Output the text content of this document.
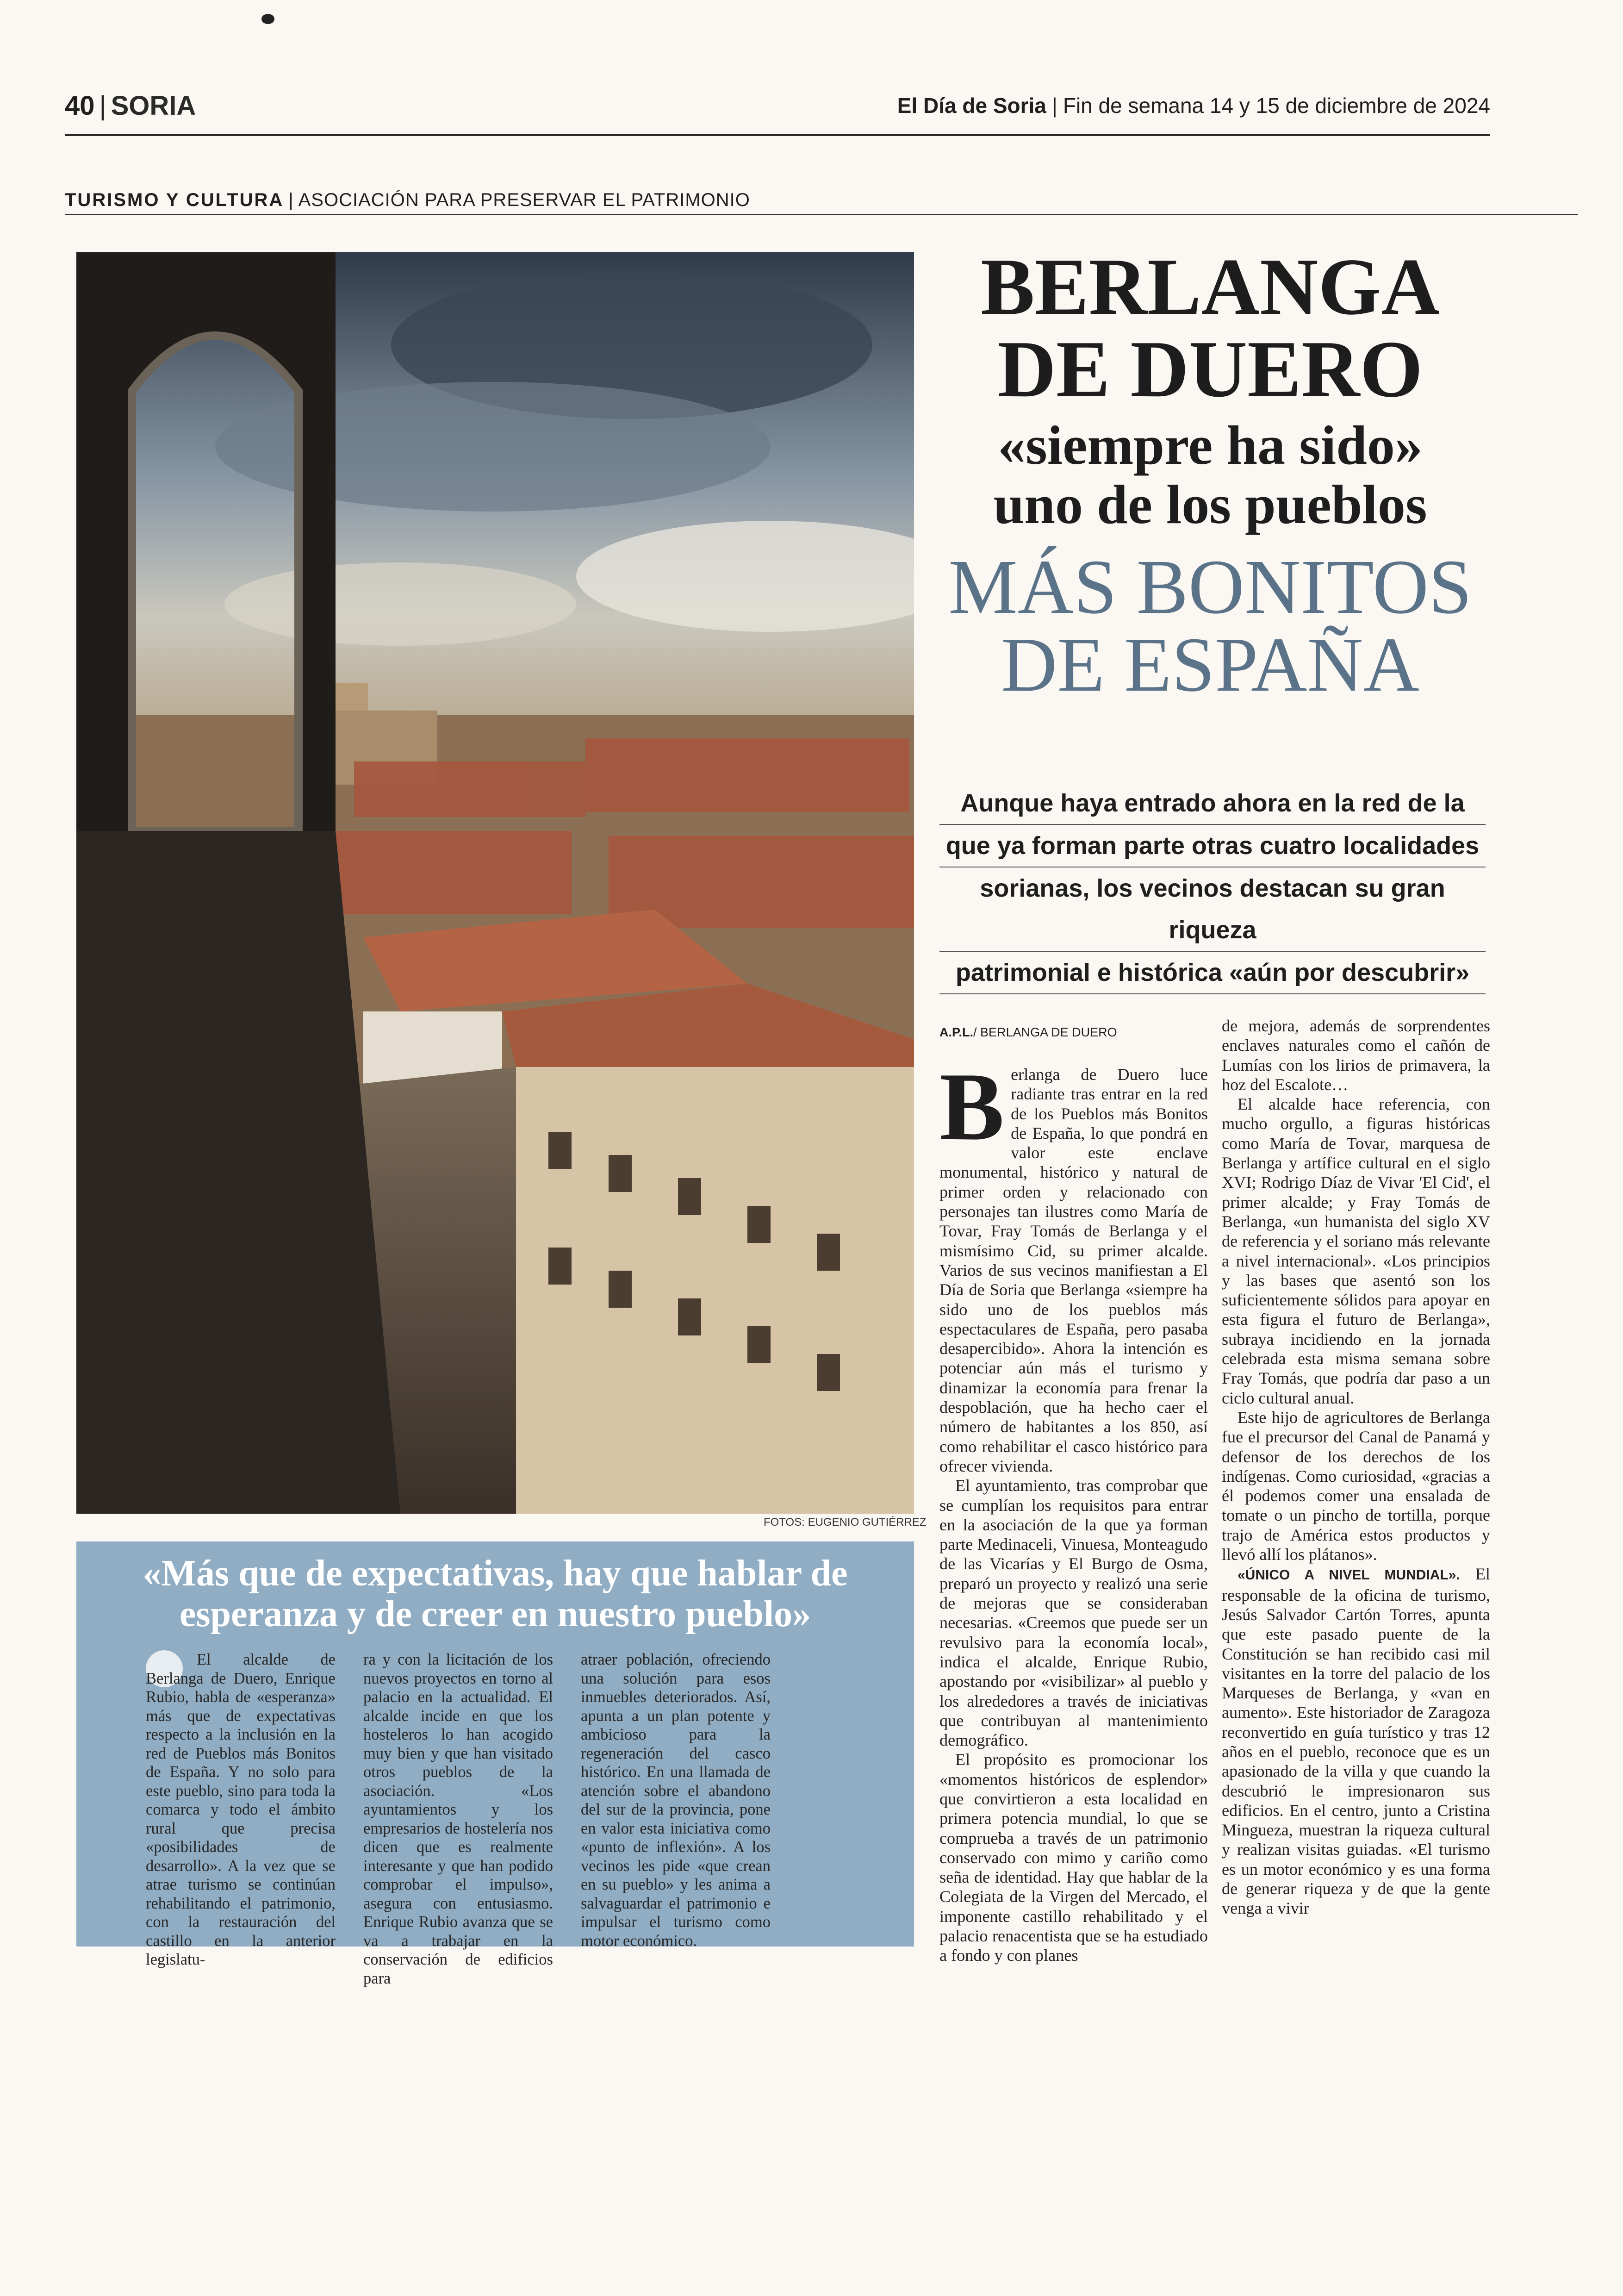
40 | SORIA	El Día de Soria | Fin de semana 14 y 15 de diciembre de 2024
TURISMO Y CULTURA | ASOCIACIÓN PARA PRESERVAR EL PATRIMONIO
FOTOS: EUGENIO GUTIÉRREZ
BERLANGA
DE DUERO
«siempre ha sido»
uno de los pueblos
MÁS BONITOS
DE ESPAÑA
Aunque haya entrado ahora en la red de la
que ya forman parte otras cuatro localidades
sorianas, los vecinos destacan su gran riqueza
patrimonial e histórica «aún por descubrir»
A.P.L./ BERLANGA DE DUERO

Berlanga de Duero luce radiante tras entrar en la red de los Pueblos más Bonitos de España, lo que pondrá en valor este enclave monumental, histórico y natural de primer orden y relacionado con personajes tan ilustres como María de Tovar, Fray Tomás de Berlanga y el mismísimo Cid, su primer alcalde. Varios de sus vecinos manifiestan a El Día de Soria que Berlanga «siempre ha sido uno de los pueblos más espectaculares de España, pero pasaba desapercibido». Ahora la intención es potenciar aún más el turismo y dinamizar la economía para frenar la despoblación, que ha hecho caer el número de habitantes a los 850, así como rehabilitar el casco histórico para ofrecer vivienda.

El ayuntamiento, tras comprobar que se cumplían los requisitos para entrar en la asociación de la que ya forman parte Medinaceli, Vinuesa, Monteagudo de las Vicarías y El Burgo de Osma, preparó un proyecto y realizó una serie de mejoras que se consideraban necesarias. «Creemos que puede ser un revulsivo para la economía local», indica el alcalde, Enrique Rubio, apostando por «visibilizar» al pueblo y los alrededores a través de iniciativas que contribuyan al mantenimiento demográfico.

El propósito es promocionar los «momentos históricos de esplendor» que convirtieron a esta localidad en primera potencia mundial, lo que se comprueba a través de un patrimonio conservado con mimo y cariño como seña de identidad. Hay que hablar de la Colegiata de la Virgen del Mercado, el imponente castillo rehabilitado y el palacio renacentista que se ha estudiado a fondo y con planes

de mejora, además de sorprendentes enclaves naturales como el cañón de Lumías con los lirios de primavera, la hoz del Escalote…

El alcalde hace referencia, con mucho orgullo, a figuras históricas como María de Tovar, marquesa de Berlanga y artífice cultural en el siglo XVI; Rodrigo Díaz de Vivar 'El Cid', el primer alcalde; y Fray Tomás de Berlanga, «un humanista del siglo XV de referencia y el soriano más relevante a nivel internacional». «Los principios y las bases que asentó son los suficientemente sólidos para apoyar en esta figura el futuro de Berlanga», subraya incidiendo en la jornada celebrada esta misma semana sobre Fray Tomás, que podría dar paso a un ciclo cultural anual.

Este hijo de agricultores de Berlanga fue el precursor del Canal de Panamá y defensor de los derechos de los indígenas. Como curiosidad, «gracias a él podemos comer una ensalada de tomate o un pincho de tortilla, porque trajo de América estos productos y llevó allí los plátanos».

«ÚNICO A NIVEL MUNDIAL». El responsable de la oficina de turismo, Jesús Salvador Cartón Torres, apunta que este pasado puente de la Constitución se han recibido casi mil visitantes en la torre del palacio de los Marqueses de Berlanga, y «van en aumento». Este historiador de Zaragoza reconvertido en guía turístico y tras 12 años en el pueblo, reconoce que es un apasionado de la villa y que cuando la descubrió le impresionaron sus edificios. En el centro, junto a Cristina Mingueza, muestran la riqueza cultural y realizan visitas guiadas. «El turismo es un motor económico y es una forma de generar riqueza y de que la gente venga a vivir

«Más que de expectativas, hay que hablar de esperanza y de creer en nuestro pueblo»

El alcalde de Berlanga de Duero, Enrique Rubio, habla de «esperanza» más que de expectativas respecto a la inclusión en la red de Pueblos más Bonitos de España. Y no solo para este pueblo, sino para toda la comarca y todo el ámbito rural que precisa «posibilidades de desarrollo». A la vez que se atrae turismo se continúan rehabilitando el patrimonio, con la restauración del castillo en la anterior legislatu-

ra y con la licitación de los nuevos proyectos en torno al palacio en la actualidad. El alcalde incide en que los hosteleros lo han acogido muy bien y que han visitado otros pueblos de la asociación. «Los ayuntamientos y los empresarios de hostelería nos dicen que es realmente interesante y que han podido comprobar el impulso», asegura con entusiasmo. Enrique Rubio avanza que se va a trabajar en la conservación de edificios para

atraer población, ofreciendo una solución para esos inmuebles deteriorados. Así, apunta a un plan potente y ambicioso para la regeneración del casco histórico. En una llamada de atención sobre el abandono del sur de la provincia, pone en valor esta iniciativa como «punto de inflexión». A los vecinos les pide «que crean en su pueblo» y les anima a salvaguardar el patrimonio e impulsar el turismo como motor económico.
